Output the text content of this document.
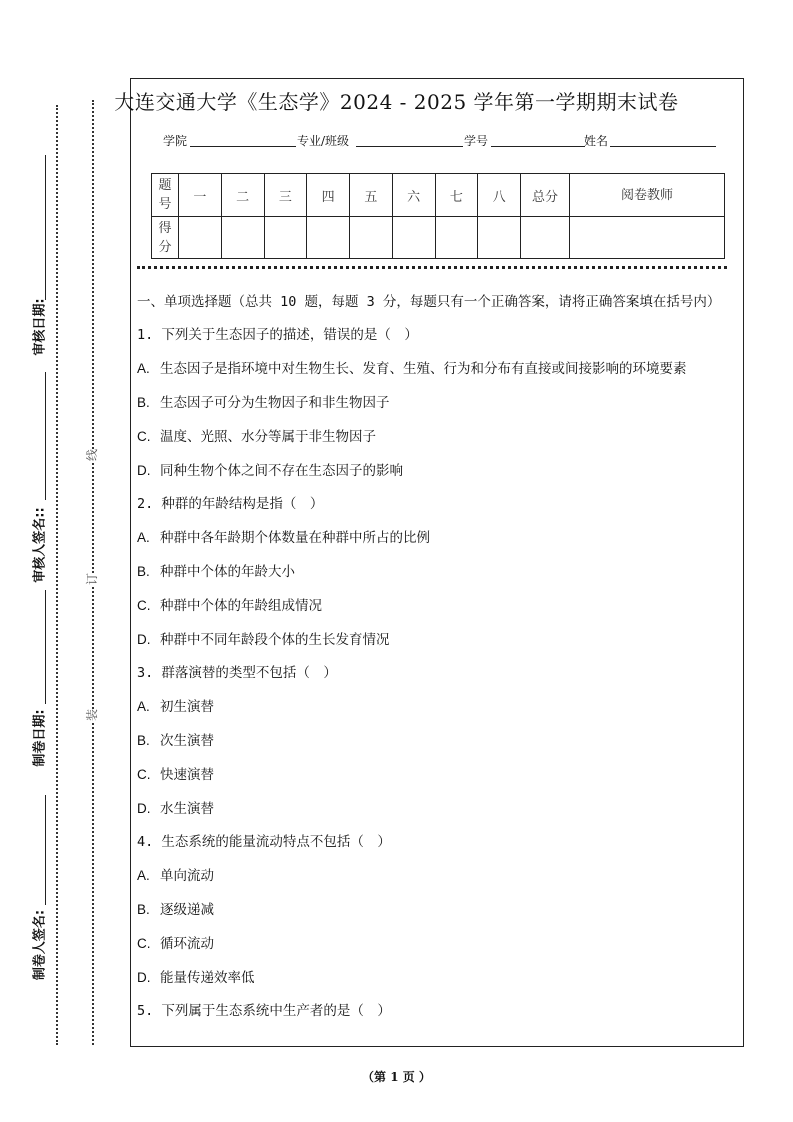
审核日期:
审核人签名::
制卷日期:
制卷人签名:
线
订
装
大连交通大学《生态学》2024 - 2025 学年第一学期期末试卷
学院	专业/班级	学号	姓名
题
号	一	二	三	四	五	六	七	八	总分	阅卷教师
得
分										
一、单项选择题（总共 10 题，每题 3 分，每题只有一个正确答案，请将正确答案填在括号内）
1. 下列关于生态因子的描述，错误的是（　）
A. 生态因子是指环境中对生物生长、发育、生殖、行为和分布有直接或间接影响的环境要素
B. 生态因子可分为生物因子和非生物因子
C. 温度、光照、水分等属于非生物因子
D. 同种生物个体之间不存在生态因子的影响
2. 种群的年龄结构是指（　）
A. 种群中各年龄期个体数量在种群中所占的比例
B. 种群中个体的年龄大小
C. 种群中个体的年龄组成情况
D. 种群中不同年龄段个体的生长发育情况
3. 群落演替的类型不包括（　）
A. 初生演替
B. 次生演替
C. 快速演替
D. 水生演替
4. 生态系统的能量流动特点不包括（　）
A. 单向流动
B. 逐级递减
C. 循环流动
D. 能量传递效率低
5. 下列属于生态系统中生产者的是（　）
（第 1 页 ）
